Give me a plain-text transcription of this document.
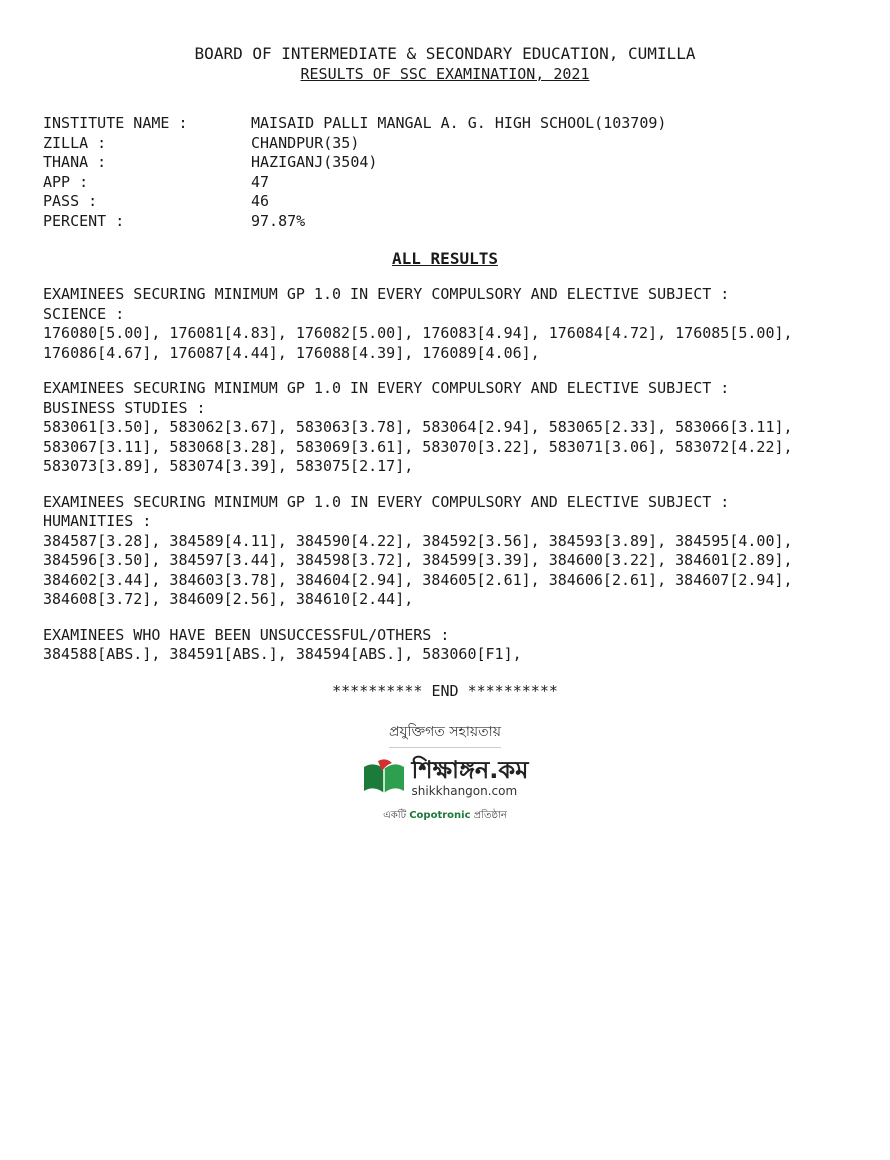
BOARD OF INTERMEDIATE & SECONDARY EDUCATION, CUMILLA
RESULTS OF SSC EXAMINATION, 2021
INSTITUTE NAME :	MAISAID PALLI MANGAL A. G. HIGH SCHOOL(103709)
ZILLA :	CHANDPUR(35)
THANA :	HAZIGANJ(3504)
APP :	47
PASS :	46
PERCENT :	97.87%
ALL RESULTS
EXAMINEES SECURING MINIMUM GP 1.0 IN EVERY COMPULSORY AND ELECTIVE SUBJECT :
SCIENCE :
176080[5.00], 176081[4.83], 176082[5.00], 176083[4.94], 176084[4.72], 176085[5.00],
176086[4.67], 176087[4.44], 176088[4.39], 176089[4.06],
EXAMINEES SECURING MINIMUM GP 1.0 IN EVERY COMPULSORY AND ELECTIVE SUBJECT :
BUSINESS STUDIES :
583061[3.50], 583062[3.67], 583063[3.78], 583064[2.94], 583065[2.33], 583066[3.11],
583067[3.11], 583068[3.28], 583069[3.61], 583070[3.22], 583071[3.06], 583072[4.22],
583073[3.89], 583074[3.39], 583075[2.17],
EXAMINEES SECURING MINIMUM GP 1.0 IN EVERY COMPULSORY AND ELECTIVE SUBJECT :
HUMANITIES :
384587[3.28], 384589[4.11], 384590[4.22], 384592[3.56], 384593[3.89], 384595[4.00],
384596[3.50], 384597[3.44], 384598[3.72], 384599[3.39], 384600[3.22], 384601[2.89],
384602[3.44], 384603[3.78], 384604[2.94], 384605[2.61], 384606[2.61], 384607[2.94],
384608[3.72], 384609[2.56], 384610[2.44],
EXAMINEES WHO HAVE BEEN UNSUCCESSFUL/OTHERS :
384588[ABS.], 384591[ABS.], 384594[ABS.], 583060[F1],
********** END **********
প্রযুক্তিগত সহায়তায়
শিক্ষাঙ্গন.কম
shikkhangon.com
একটি Copotronic প্রতিষ্ঠান
